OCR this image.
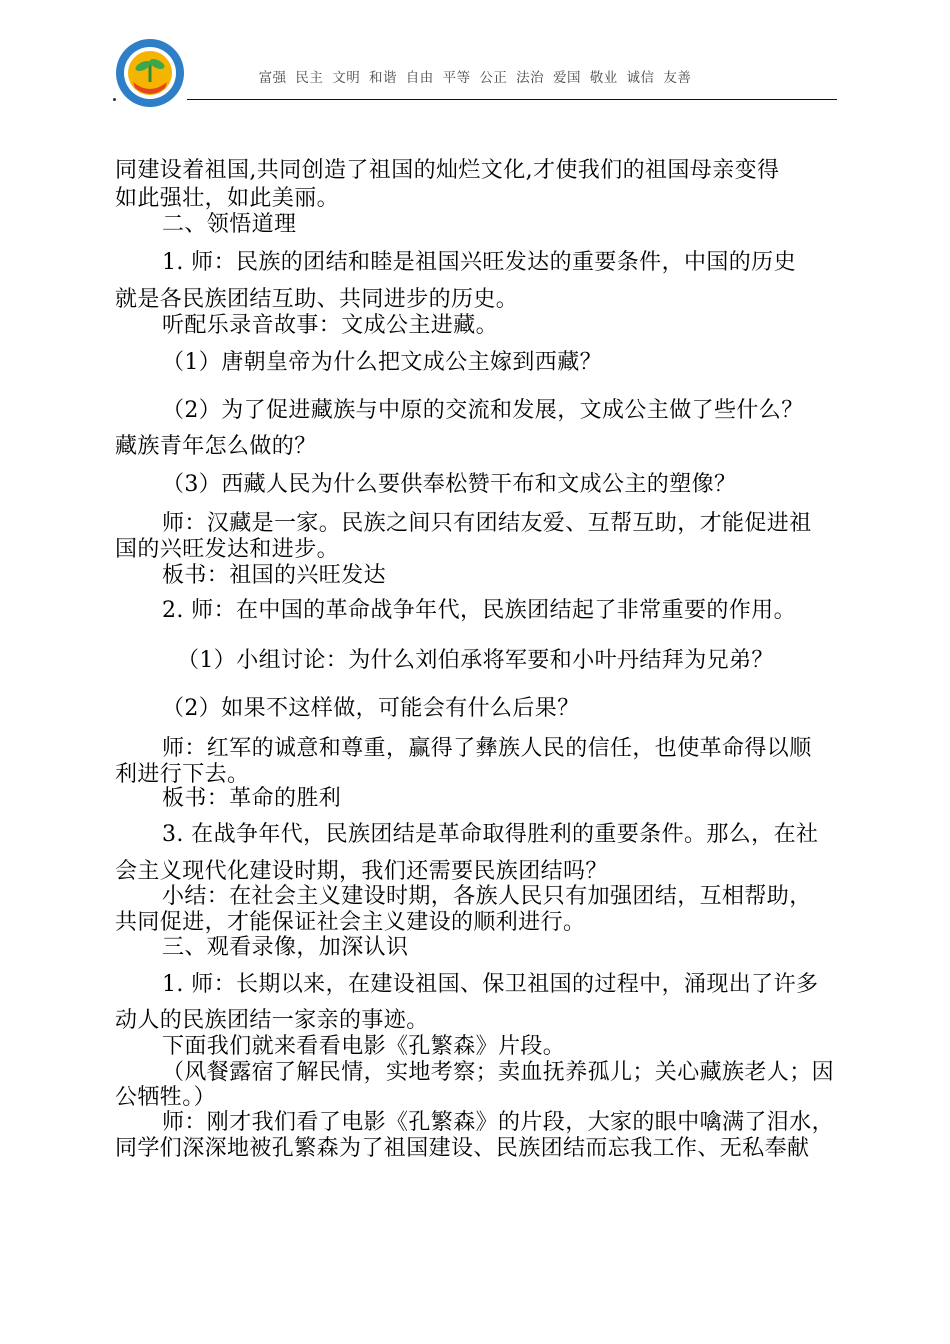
富强 民主 文明 和谐 自由 平等 公正 法治 爱国 敬业 诚信 友善
同建设着祖国,共同创造了祖国的灿烂文化,才使我们的祖国母亲变得
如此强壮，如此美丽。
二、领悟道理
1. 师：民族的团结和睦是祖国兴旺发达的重要条件，中国的历史
就是各民族团结互助、共同进步的历史。
听配乐录音故事：文成公主进藏。
（1）唐朝皇帝为什么把文成公主嫁到西藏？
（2）为了促进藏族与中原的交流和发展，文成公主做了些什么？
藏族青年怎么做的？
（3）西藏人民为什么要供奉松赞干布和文成公主的塑像？
师：汉藏是一家。民族之间只有团结友爱、互帮互助，才能促进祖
国的兴旺发达和进步。
板书：祖国的兴旺发达
2. 师：在中国的革命战争年代，民族团结起了非常重要的作用。
（1）小组讨论：为什么刘伯承将军要和小叶丹结拜为兄弟？
（2）如果不这样做，可能会有什么后果？
师：红军的诚意和尊重，赢得了彝族人民的信任，也使革命得以顺
利进行下去。
板书：革命的胜利
3. 在战争年代，民族团结是革命取得胜利的重要条件。那么，在社
会主义现代化建设时期，我们还需要民族团结吗？
小结：在社会主义建设时期，各族人民只有加强团结，互相帮助，
共同促进，才能保证社会主义建设的顺利进行。
三、观看录像，加深认识
1. 师：长期以来，在建设祖国、保卫祖国的过程中，涌现出了许多
动人的民族团结一家亲的事迹。
下面我们就来看看电影《孔繁森》片段。
（风餐露宿了解民情，实地考察；卖血抚养孤儿；关心藏族老人；因
公牺牲。）
师：刚才我们看了电影《孔繁森》的片段，大家的眼中噙满了泪水，
同学们深深地被孔繁森为了祖国建设、民族团结而忘我工作、无私奉献
